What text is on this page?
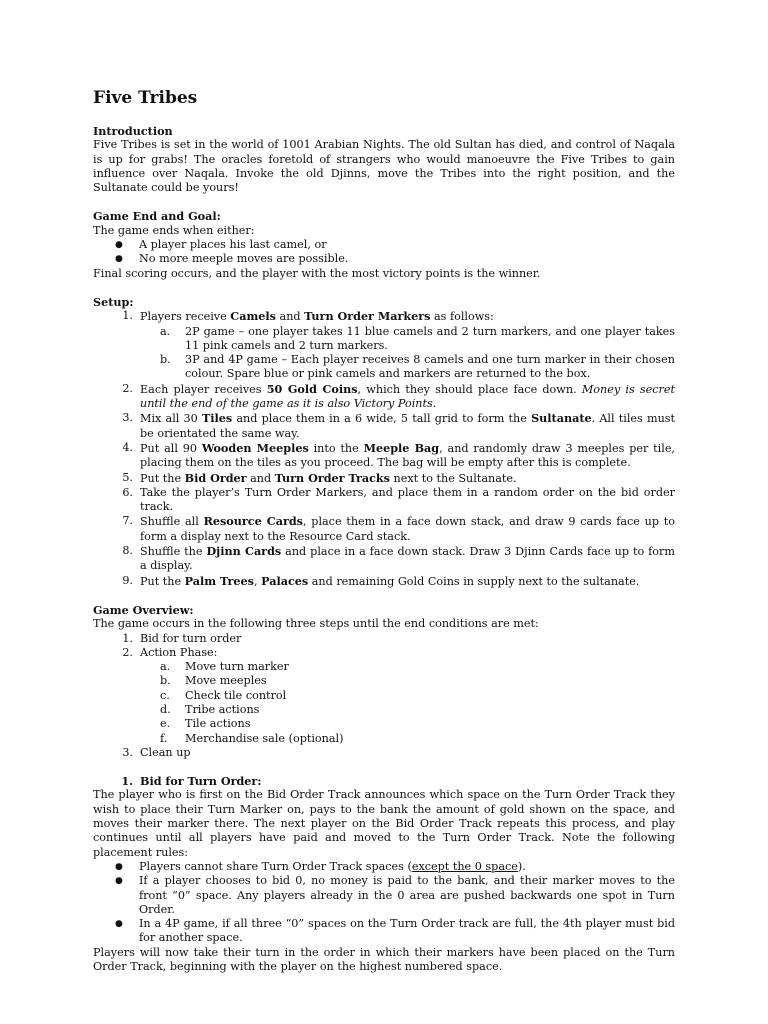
Five Tribes
Introduction

Five Tribes is set in the world of 1001 Arabian Nights. The old Sultan has died, and control of Naqala is up for grabs! The oracles foretold of strangers who would manoeuvre the Five Tribes to gain influence over Naqala. Invoke the old Djinns, move the Tribes into the right position, and the Sultanate could be yours!

Game End and Goal:
The game ends when either:
● A player places his last camel, or
● No more meeple moves are possible.
Final scoring occurs, and the player with the most victory points is the winner.
Setup:
1. Players receive Camels and Turn Order Markers as follows:
a. 2P game – one player takes 11 blue camels and 2 turn markers, and one player takes 11 pink camels and 2 turn markers.
b. 3P and 4P game – Each player receives 8 camels and one turn marker in their chosen colour. Spare blue or pink camels and markers are returned to the box.
2. Each player receives 50 Gold Coins, which they should place face down. Money is secret until the end of the game as it is also Victory Points.
3. Mix all 30 Tiles and place them in a 6 wide, 5 tall grid to form the Sultanate. All tiles must be orientated the same way.
4. Put all 90 Wooden Meeples into the Meeple Bag, and randomly draw 3 meeples per tile, placing them on the tiles as you proceed. The bag will be empty after this is complete.
5. Put the Bid Order and Turn Order Tracks next to the Sultanate.
6. Take the player’s Turn Order Markers, and place them in a random order on the bid order track.
7. Shuffle all Resource Cards, place them in a face down stack, and draw 9 cards face up to form a display next to the Resource Card stack.
8. Shuffle the Djinn Cards and place in a face down stack. Draw 3 Djinn Cards face up to form a display.
9. Put the Palm Trees, Palaces and remaining Gold Coins in supply next to the sultanate.
Game Overview:
The game occurs in the following three steps until the end conditions are met:
1. Bid for turn order
2. Action Phase:
a. Move turn marker
b. Move meeples
c. Check tile control
d. Tribe actions
e. Tile actions
f. Merchandise sale (optional)
3. Clean up
1. Bid for Turn Order:

The player who is first on the Bid Order Track announces which space on the Turn Order Track they wish to place their Turn Marker on, pays to the bank the amount of gold shown on the space, and moves their marker there. The next player on the Bid Order Track repeats this process, and play continues until all players have paid and moved to the Turn Order Track. Note the following placement rules:

● Players cannot share Turn Order Track spaces (except the 0 space).
● If a player chooses to bid 0, no money is paid to the bank, and their marker moves to the front “0” space. Any players already in the 0 area are pushed backwards one spot in Turn Order.
● In a 4P game, if all three “0” spaces on the Turn Order track are full, the 4th player must bid for another space.

Players will now take their turn in the order in which their markers have been placed on the Turn Order Track, beginning with the player on the highest numbered space.
